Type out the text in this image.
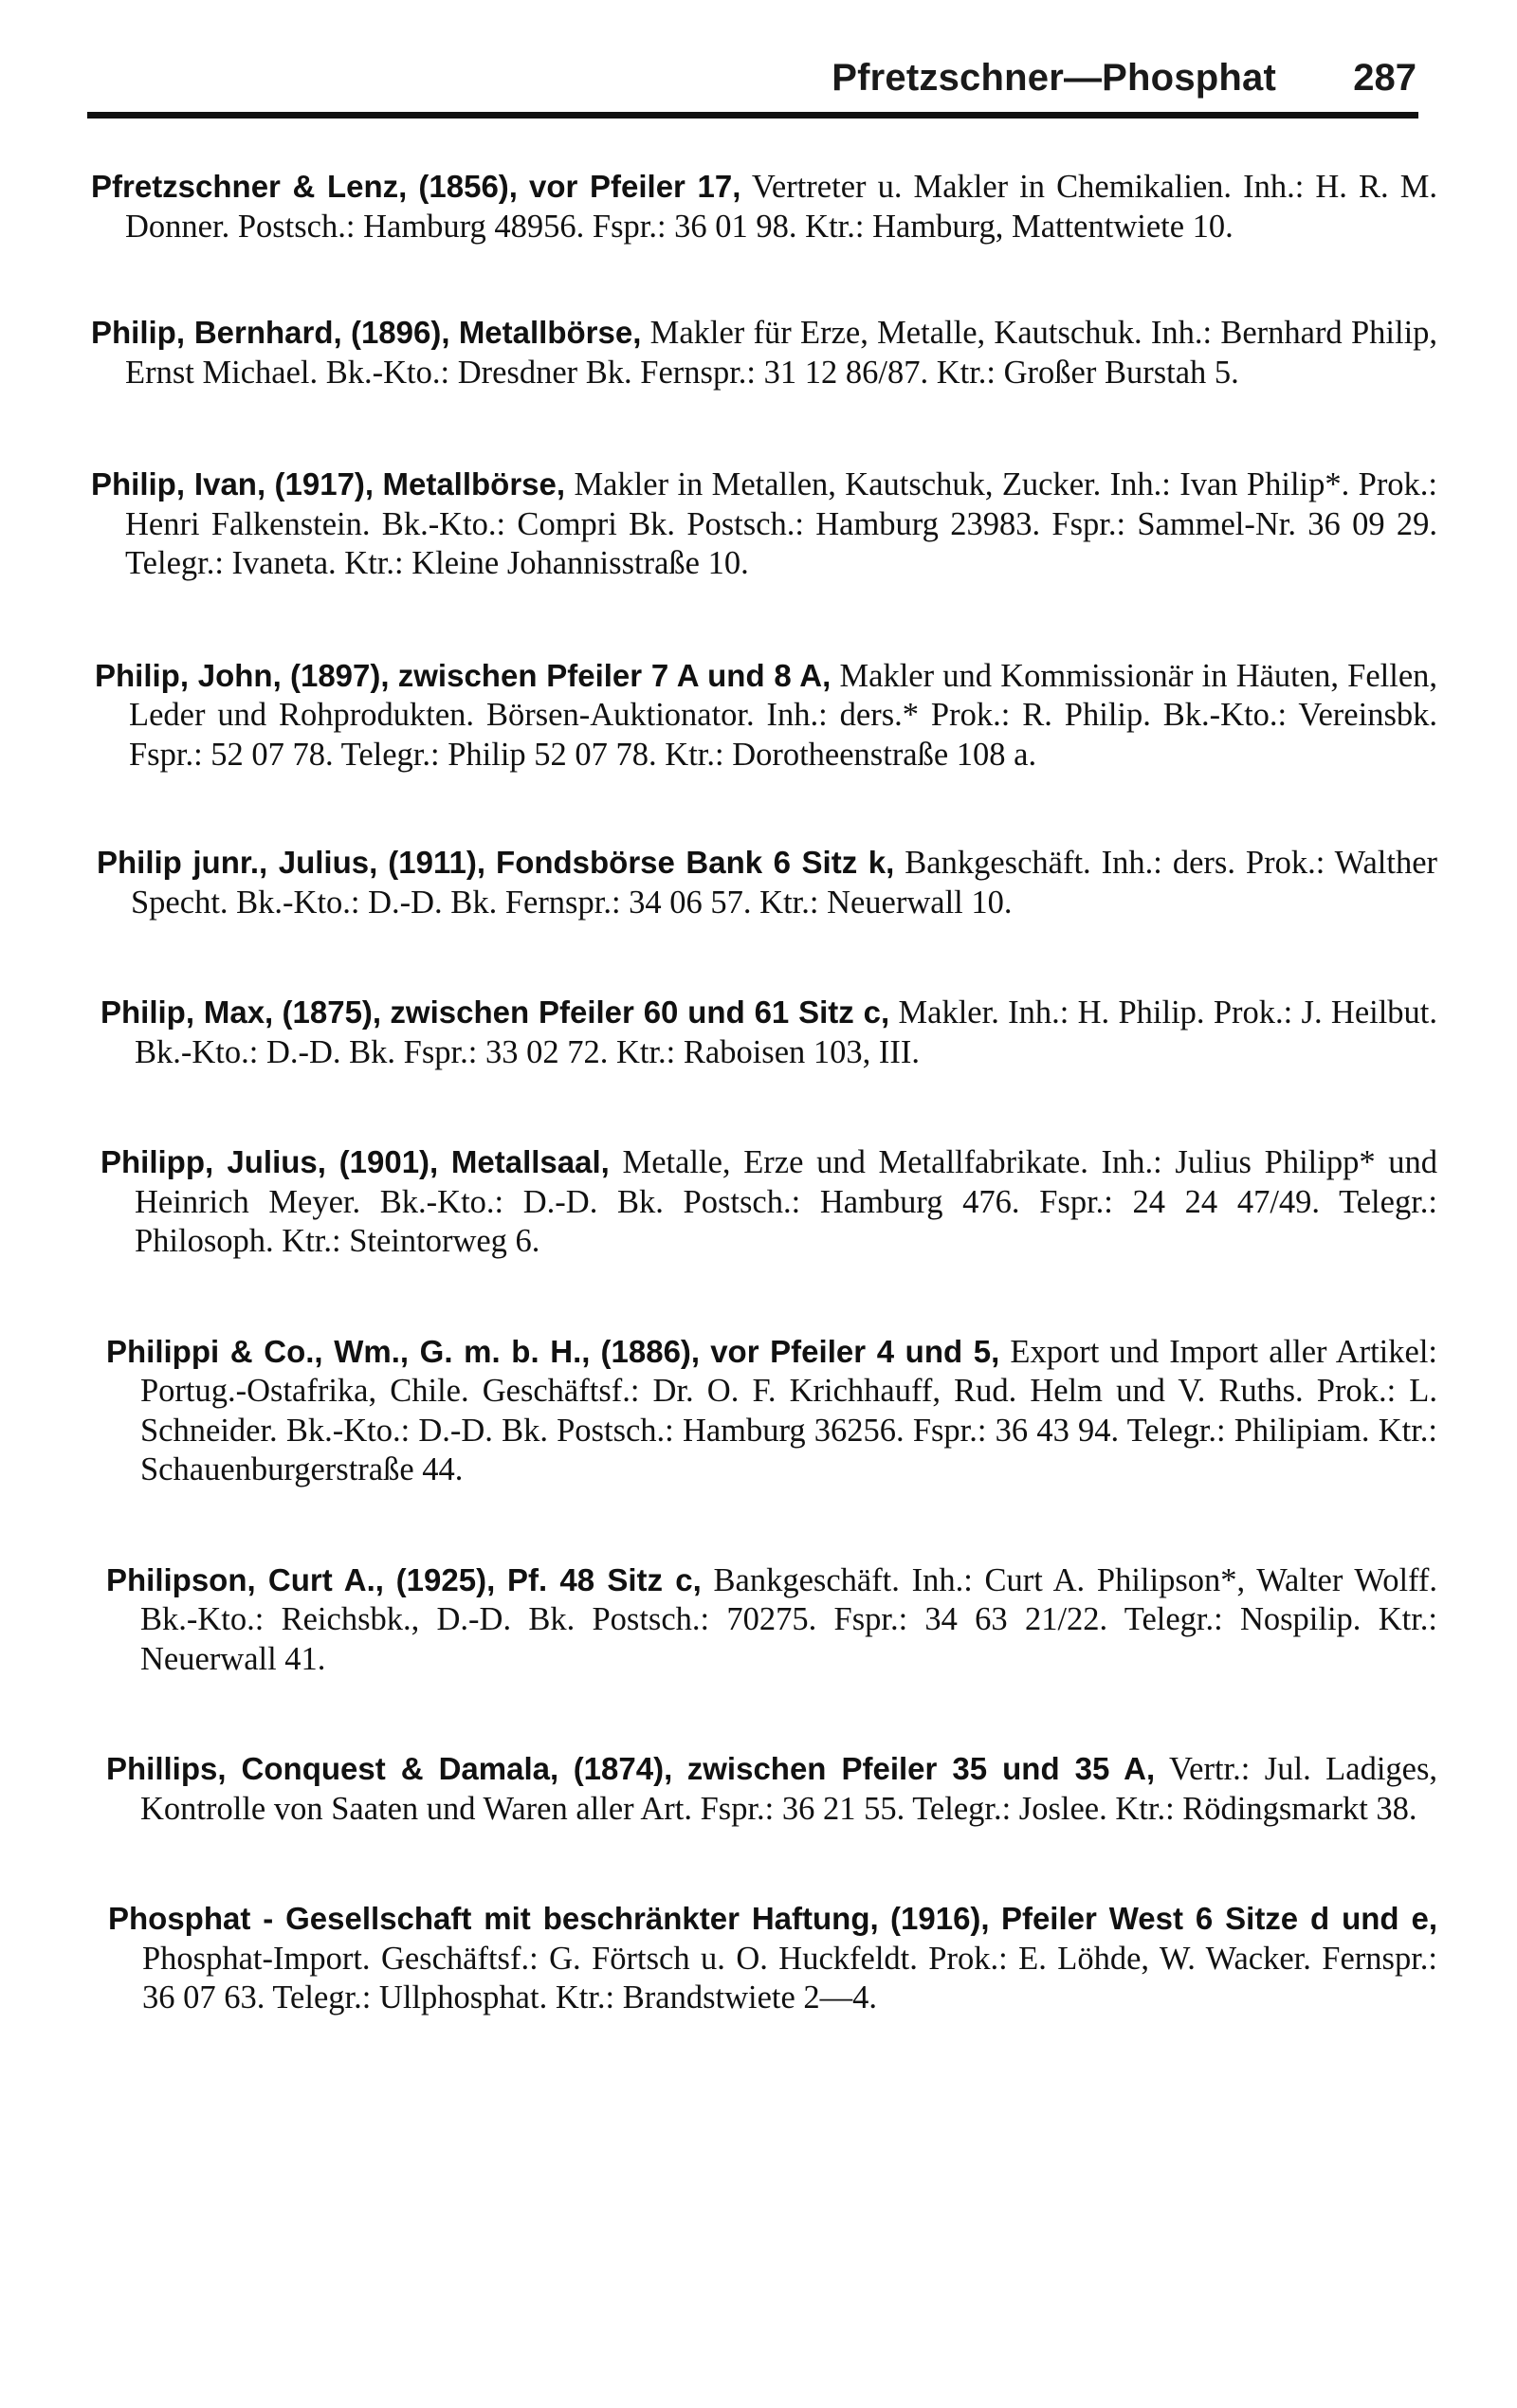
Pfretzschner—Phosphat 287

Pfretzschner & Lenz, (1856), vor Pfeiler 17, Vertreter u. Makler in Chemikalien. Inh.: H. R. M. Donner. Postsch.: Hamburg 48956. Fspr.: 36 01 98. Ktr.: Hamburg, Mattentwiete 10.

Philip, Bernhard, (1896), Metallbörse, Makler für Erze, Metalle, Kautschuk. Inh.: Bernhard Philip, Ernst Michael. Bk.-Kto.: Dresdner Bk. Fernspr.: 31 12 86/87. Ktr.: Großer Burstah 5.

Philip, Ivan, (1917), Metallbörse, Makler in Metallen, Kautschuk, Zucker. Inh.: Ivan Philip*. Prok.: Henri Falkenstein. Bk.-Kto.: Compri Bk. Postsch.: Hamburg 23983. Fspr.: Sammel-Nr. 36 09 29. Telegr.: Ivaneta. Ktr.: Kleine Johannisstraße 10.

Philip, John, (1897), zwischen Pfeiler 7 A und 8 A, Makler und Kommissionär in Häuten, Fellen, Leder und Rohprodukten. Börsen-Auktionator. Inh.: ders.* Prok.: R. Philip. Bk.-Kto.: Vereinsbk. Fspr.: 52 07 78. Telegr.: Philip 52 07 78. Ktr.: Dorotheenstraße 108 a.

Philip junr., Julius, (1911), Fondsbörse Bank 6 Sitz k, Bankgeschäft. Inh.: ders. Prok.: Walther Specht. Bk.-Kto.: D.-D. Bk. Fernspr.: 34 06 57. Ktr.: Neuerwall 10.

Philip, Max, (1875), zwischen Pfeiler 60 und 61 Sitz c, Makler. Inh.: H. Philip. Prok.: J. Heilbut. Bk.-Kto.: D.-D. Bk. Fspr.: 33 02 72. Ktr.: Raboisen 103, III.

Philipp, Julius, (1901), Metallsaal, Metalle, Erze und Metallfabrikate. Inh.: Julius Philipp* und Heinrich Meyer. Bk.-Kto.: D.-D. Bk. Postsch.: Hamburg 476. Fspr.: 24 24 47/49. Telegr.: Philosoph. Ktr.: Steintorweg 6.

Philippi & Co., Wm., G. m. b. H., (1886), vor Pfeiler 4 und 5, Export und Import aller Artikel: Portug.-Ostafrika, Chile. Geschäftsf.: Dr. O. F. Krichhauff, Rud. Helm und V. Ruths. Prok.: L. Schneider. Bk.-Kto.: D.-D. Bk. Postsch.: Hamburg 36256. Fspr.: 36 43 94. Telegr.: Philipiam. Ktr.: Schauenburgerstraße 44.

Philipson, Curt A., (1925), Pf. 48 Sitz c, Bankgeschäft. Inh.: Curt A. Philipson*, Walter Wolff. Bk.-Kto.: Reichsbk., D.-D. Bk. Postsch.: 70275. Fspr.: 34 63 21/22. Telegr.: Nospilip. Ktr.: Neuerwall 41.

Phillips, Conquest & Damala, (1874), zwischen Pfeiler 35 und 35 A, Vertr.: Jul. Ladiges, Kontrolle von Saaten und Waren aller Art. Fspr.: 36 21 55. Telegr.: Joslee. Ktr.: Rödingsmarkt 38.

Phosphat - Gesellschaft mit beschränkter Haftung, (1916), Pfeiler West 6 Sitze d und e, Phosphat-Import. Geschäftsf.: G. Förtsch u. O. Huckfeldt. Prok.: E. Löhde, W. Wacker. Fernspr.: 36 07 63. Telegr.: Ullphosphat. Ktr.: Brandstwiete 2—4.
